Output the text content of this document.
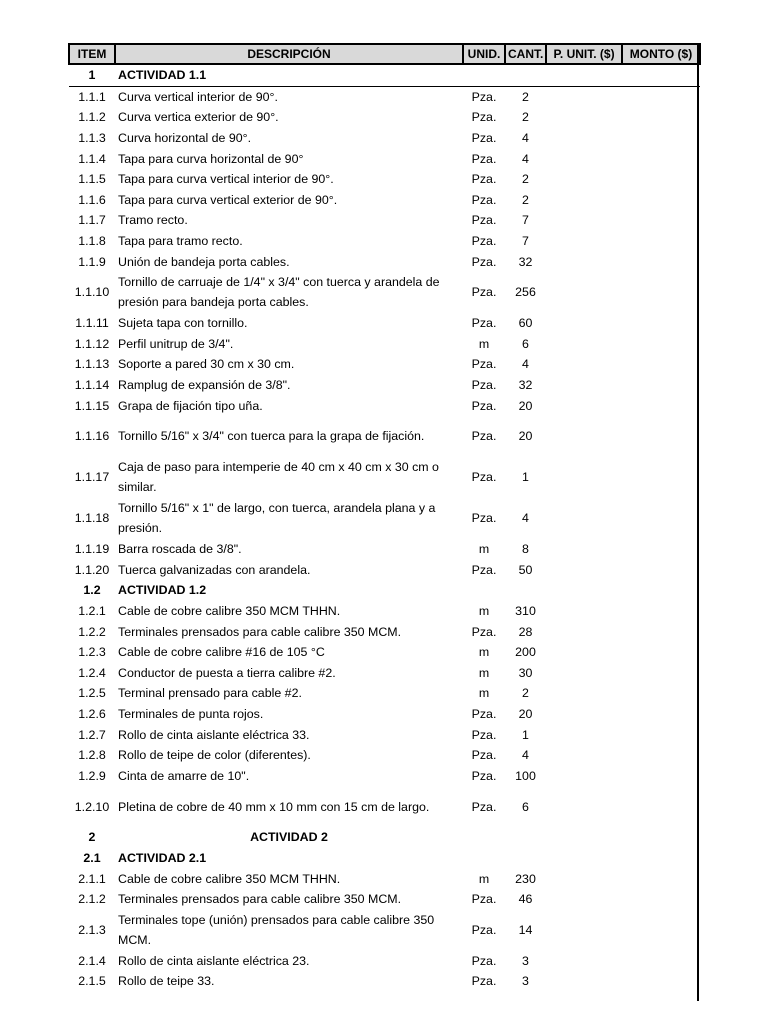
ITEM	DESCRIPCIÓN	UNID.	CANT.	P. UNIT. ($)	MONTO ($)
1	ACTIVIDAD 1.1				
1.1.1	Curva vertical interior de 90°.	Pza.	2		
1.1.2	Curva vertica exterior de 90°.	Pza.	2		
1.1.3	Curva horizontal de 90°.	Pza.	4		
1.1.4	Tapa para curva horizontal de 90°	Pza.	4		
1.1.5	Tapa para curva vertical interior de 90°.	Pza.	2		
1.1.6	Tapa para curva vertical exterior de 90°.	Pza.	2		
1.1.7	Tramo recto.	Pza.	7		
1.1.8	Tapa para tramo recto.	Pza.	7		
1.1.9	Unión de bandeja porta cables.	Pza.	32		
1.1.10	Tornillo de carruaje de 1/4" x 3/4" con tuerca y arandela de presión para bandeja porta cables.	Pza.	256		
1.1.11	Sujeta tapa con tornillo.	Pza.	60		
1.1.12	Perfil unitrup de 3/4".	m	6		
1.1.13	Soporte a pared 30 cm x 30 cm.	Pza.	4		
1.1.14	Ramplug de expansión de 3/8".	Pza.	32		
1.1.15	Grapa de fijación tipo uña.	Pza.	20		
1.1.16	Tornillo 5/16" x 3/4" con tuerca para la grapa de fijación.	Pza.	20		
1.1.17	Caja de paso para intemperie de 40 cm x 40 cm x 30 cm o similar.	Pza.	1		
1.1.18	Tornillo 5/16" x 1" de largo, con tuerca, arandela plana y a presión.	Pza.	4		
1.1.19	Barra roscada de 3/8".	m	8		
1.1.20	Tuerca galvanizadas con arandela.	Pza.	50		
1.2	ACTIVIDAD 1.2				
1.2.1	Cable de cobre calibre 350 MCM THHN.	m	310		
1.2.2	Terminales prensados para cable calibre 350 MCM.	Pza.	28		
1.2.3	Cable de cobre calibre #16 de 105 °C	m	200		
1.2.4	Conductor de puesta a tierra calibre #2.	m	30		
1.2.5	Terminal prensado para cable #2.	m	2		
1.2.6	Terminales de punta rojos.	Pza.	20		
1.2.7	Rollo de cinta aislante eléctrica 33.	Pza.	1		
1.2.8	Rollo de teipe de color (diferentes).	Pza.	4		
1.2.9	Cinta de amarre de 10".	Pza.	100		
1.2.10	Pletina de cobre de 40 mm x 10 mm con 15 cm de largo.	Pza.	6		
2	ACTIVIDAD 2				
2.1	ACTIVIDAD 2.1				
2.1.1	Cable de cobre calibre 350 MCM THHN.	m	230		
2.1.2	Terminales prensados para cable calibre 350 MCM.	Pza.	46		
2.1.3	Terminales tope (unión) prensados para cable calibre 350 MCM.	Pza.	14		
2.1.4	Rollo de cinta aislante eléctrica 23.	Pza.	3		
2.1.5	Rollo de teipe 33.	Pza.	3		
